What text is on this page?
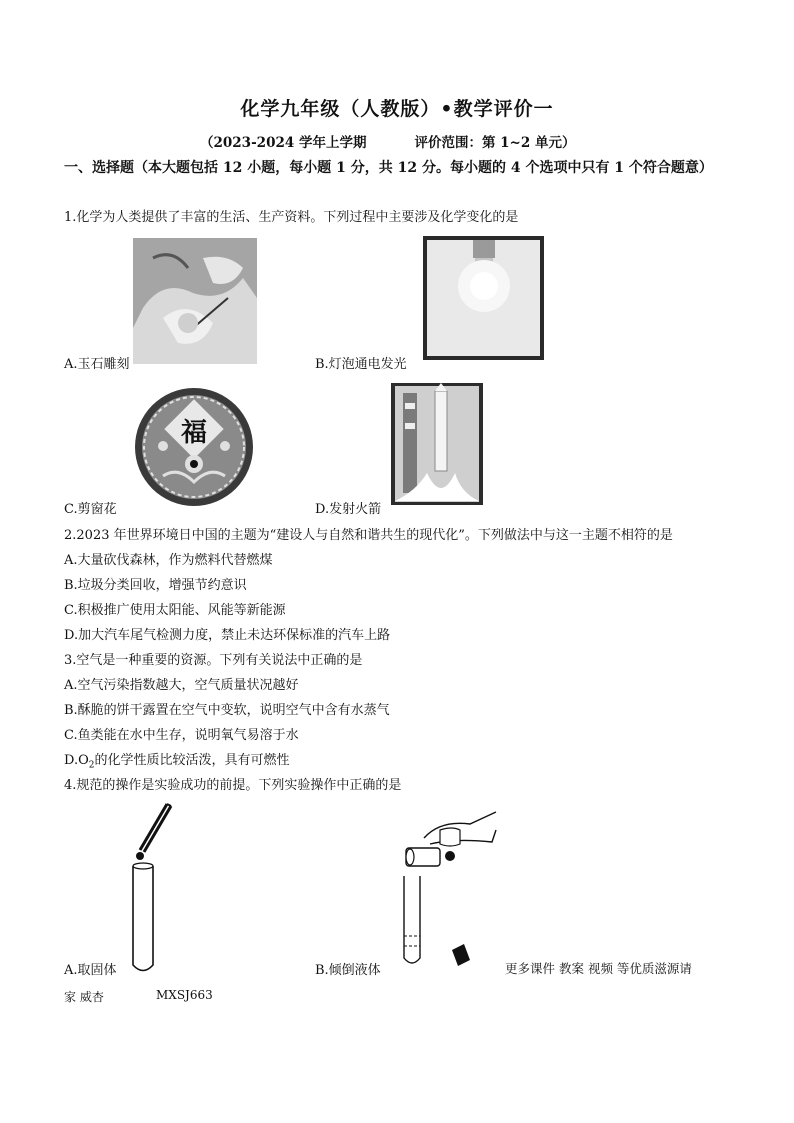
化学九年级（人教版）•教学评价一
（2023-2024 学年上学期	评价范围：第 1~2 单元）
一、选择题（本大题包括 12 小题，每小题 1 分，共 12 分。每小题的 4 个选项中只有 1 个符合题意）
1.化学为人类提供了丰富的生活、生产资料。下列过程中主要涉及化学变化的是
A.玉石雕刻	B.灯泡通电发光
福
C.剪窗花	D.发射火箭
2.2023 年世界环境日中国的主题为“建设人与自然和谐共生的现代化”。下列做法中与这一主题不相符的是
A.大量砍伐森林，作为燃料代替燃煤
B.垃圾分类回收，增强节约意识
C.积极推广使用太阳能、风能等新能源
D.加大汽车尾气检测力度，禁止未达环保标准的汽车上路
3.空气是一种重要的资源。下列有关说法中正确的是
A.空气污染指数越大，空气质量状况越好
B.酥脆的饼干露置在空气中变软，说明空气中含有水蒸气
C.鱼类能在水中生存，说明氧气易溶于水
$D.O_2$的化学性质比较活泼，具有可燃性
4.规范的操作是实验成功的前提。下列实验操作中正确的是
A.取固体	B.倾倒液体	更多课件 教案 视频 等优质滋源请
家 威杏	MXSJ663
